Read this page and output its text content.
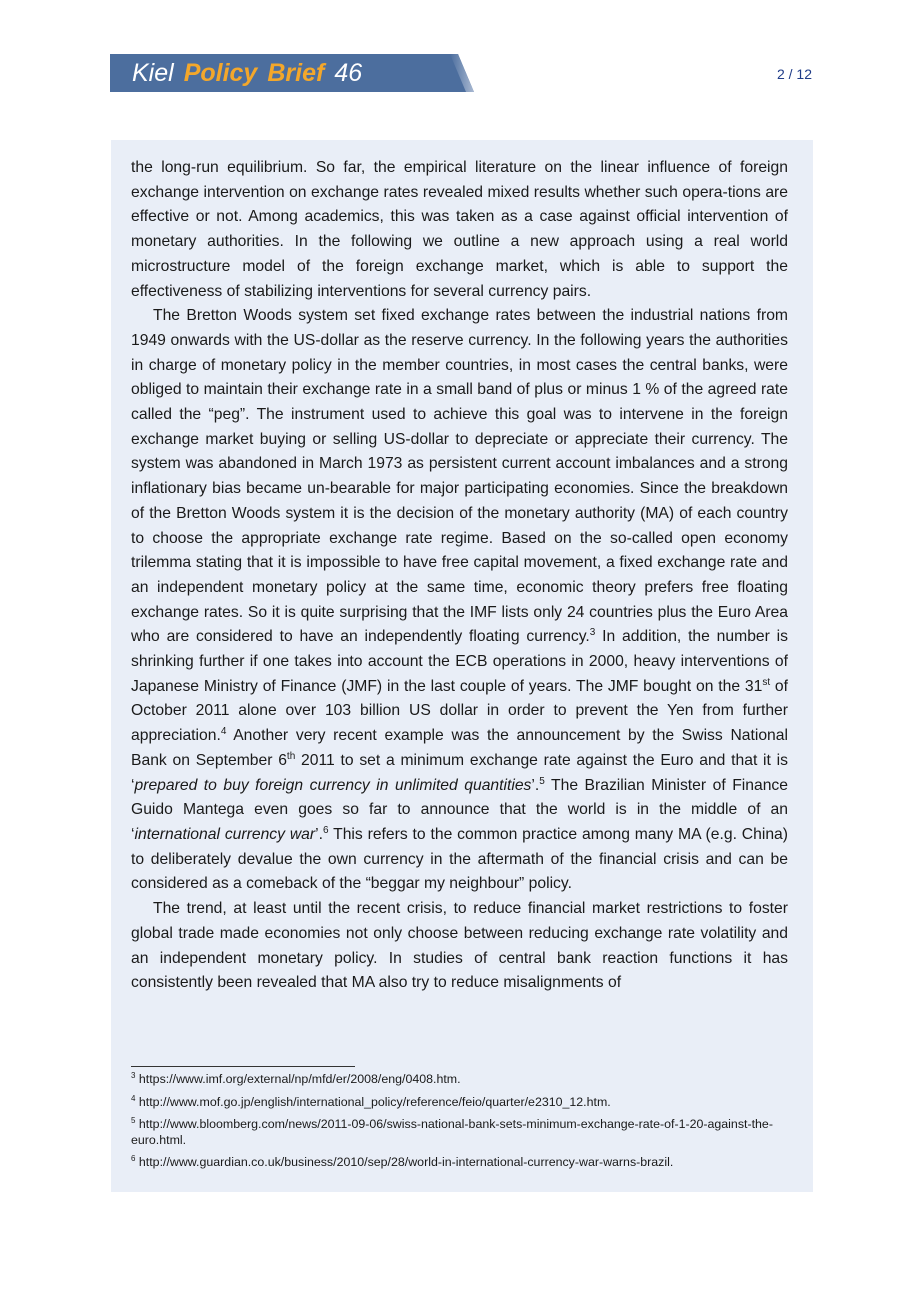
Kiel Policy Brief 46	2 / 12

the long-run equilibrium. So far, the empirical literature on the linear influence of foreign exchange intervention on exchange rates revealed mixed results whether such opera-tions are effective or not. Among academics, this was taken as a case against official intervention of monetary authorities. In the following we outline a new approach using a real world microstructure model of the foreign exchange market, which is able to support the effectiveness of stabilizing interventions for several currency pairs.

The Bretton Woods system set fixed exchange rates between the industrial nations from 1949 onwards with the US-dollar as the reserve currency. In the following years the authorities in charge of monetary policy in the member countries, in most cases the central banks, were obliged to maintain their exchange rate in a small band of plus or minus 1 % of the agreed rate called the “peg”. The instrument used to achieve this goal was to intervene in the foreign exchange market buying or selling US-dollar to depreciate or appreciate their currency. The system was abandoned in March 1973 as persistent current account imbalances and a strong inflationary bias became un-bearable for major participating economies. Since the breakdown of the Bretton Woods system it is the decision of the monetary authority (MA) of each country to choose the appropriate exchange rate regime. Based on the so-called open economy trilemma stating that it is impossible to have free capital movement, a fixed exchange rate and an independent monetary policy at the same time, economic theory prefers free floating exchange rates. So it is quite surprising that the IMF lists only 24 countries plus the Euro Area who are considered to have an independently floating currency.$^3$ In addition, the number is shrinking further if one takes into account the ECB operations in 2000, heavy interventions of Japanese Ministry of Finance (JMF) in the last couple of years. The JMF bought on the 31st of October 2011 alone over 103 billion US dollar in order to prevent the Yen from further appreciation.$^4$ Another very recent example was the announcement by the Swiss National Bank on September 6th 2011 to set a minimum exchange rate against the Euro and that it is ‘prepared to buy foreign currency in unlimited quantities’.$^5$ The Brazilian Minister of Finance Guido Mantega even goes so far to announce that the world is in the middle of an ‘international currency war’.$^6$ This refers to the common practice among many MA (e.g. China) to deliberately devalue the own currency in the aftermath of the financial crisis and can be considered as a comeback of the “beggar my neighbour” policy.

The trend, at least until the recent crisis, to reduce financial market restrictions to foster global trade made economies not only choose between reducing exchange rate volatility and an independent monetary policy. In studies of central bank reaction functions it has consistently been revealed that MA also try to reduce misalignments of

$^3$ https://www.imf.org/external/np/mfd/er/2008/eng/0408.htm.
$^4$ http://www.mof.go.jp/english/international_policy/reference/feio/quarter/e2310_12.htm.
$^5$ http://www.bloomberg.com/news/2011-09-06/swiss-national-bank-sets-minimum-exchange-rate-of-1-20-against-the-euro.html.
$^6$ http://www.guardian.co.uk/business/2010/sep/28/world-in-international-currency-war-warns-brazil.
